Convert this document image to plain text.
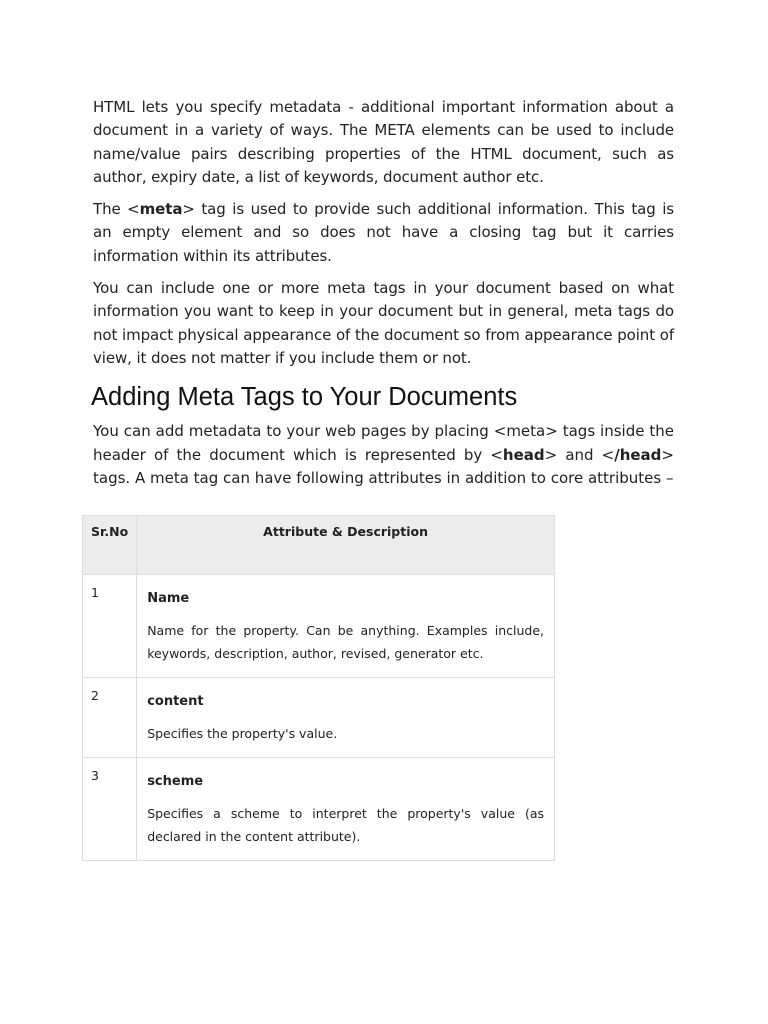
HTML lets you specify metadata - additional important information about a document in a variety of ways. The META elements can be used to include name/value pairs describing properties of the HTML document, such as author, expiry date, a list of keywords, document author etc.

The <meta> tag is used to provide such additional information. This tag is an empty element and so does not have a closing tag but it carries information within its attributes.

You can include one or more meta tags in your document based on what information you want to keep in your document but in general, meta tags do not impact physical appearance of the document so from appearance point of view, it does not matter if you include them or not.

Adding Meta Tags to Your Documents

You can add metadata to your web pages by placing <meta> tags inside the header of the document which is represented by <head> and </head> tags. A meta tag can have following attributes in addition to core attributes –

Sr.No	Attribute & Description
1	Name

Name for the property. Can be anything. Examples include, keywords, description, author, revised, generator etc.

2	content

Specifies the property's value.

3	scheme

Specifies a scheme to interpret the property's value (as declared in the content attribute).
